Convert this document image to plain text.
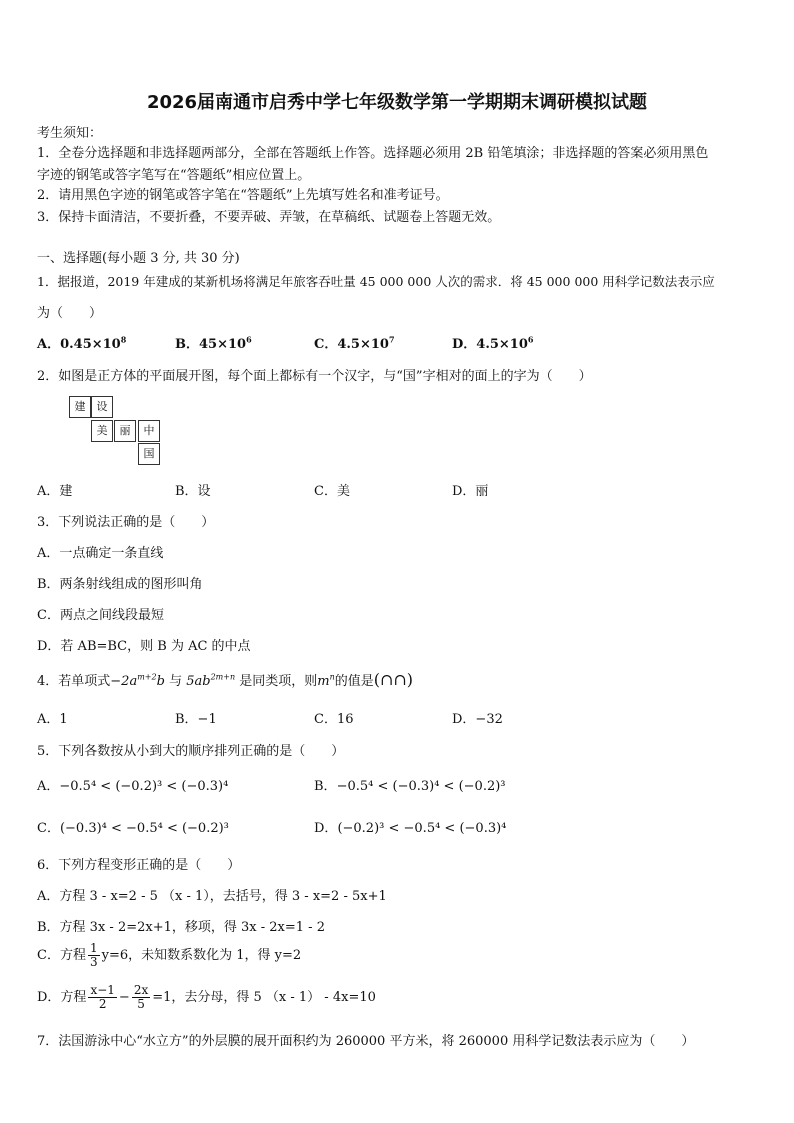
2026届南通市启秀中学七年级数学第一学期期末调研模拟试题
考生须知：
1．全卷分选择题和非选择题两部分，全部在答题纸上作答。选择题必须用 2B 铅笔填涂；非选择题的答案必须用黑色
字迹的钢笔或答字笔写在“答题纸”相应位置上。
2．请用黑色字迹的钢笔或答字笔在“答题纸”上先填写姓名和准考证号。
3．保持卡面清洁，不要折叠，不要弄破、弄皱，在草稿纸、试题卷上答题无效。
一、选择题(每小题 3 分, 共 30 分)
1．据报道，2019 年建成的某新机场将满足年旅客吞吐量 45 000 000 人次的需求．将 45 000 000 用科学记数法表示应
为（　　）
A．$0.45\times 10^8$	B．$45\times 10^6$	C．$4.5\times 10^7$	D．$4.5\times 10^6$
2．如图是正方体的平面展开图，每个面上都标有一个汉字，与“国”字相对的面上的字为（　　）
建	设
美	丽	中
国
A．建	B．设	C．美	D．丽
3．下列说法正确的是（　　）
A．一点确定一条直线
B．两条射线组成的图形叫角
C．两点之间线段最短
D．若 AB=BC，则 B 为 AC 的中点
4．若单项式$-2a^{m+2}b$ 与 $5ab^{2m+n}$ 是同类项，则$m^n$的值是(∩∩)
A．1	B．−1	C．16	D．−32
5．下列各数按从小到大的顺序排列正确的是（　　）
A．−0.5⁴ < (−0.2)³ < (−0.3)⁴	B．−0.5⁴ < (−0.3)⁴ < (−0.2)³
C．(−0.3)⁴ < −0.5⁴ < (−0.2)³	D．(−0.2)³ < −0.5⁴ < (−0.3)⁴
6．下列方程变形正确的是（　　）
A．方程 3 - x=2 - 5 （x - 1），去括号，得 3 - x=2 - 5x+1
B．方程 3x - 2=2x+1，移项，得 3x - 2x=1 - 2
C．方程 $\frac{1}{3} y=6$，未知数系数化为 1，得 y=2
D．方程 $\frac{x-1}{2} - \frac{2x}{5} =1$，去分母，得 5 （x - 1） - 4x=10
7．法国游泳中心“水立方”的外层膜的展开面积约为 260000 平方米，将 260000 用科学记数法表示应为（　　）
